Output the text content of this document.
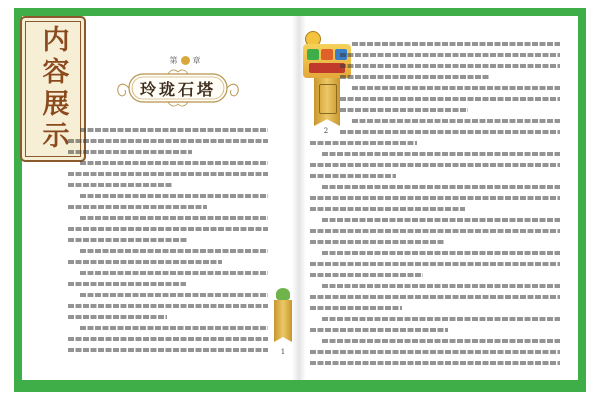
内容展示	第 章
玲珑石塔
1
2
